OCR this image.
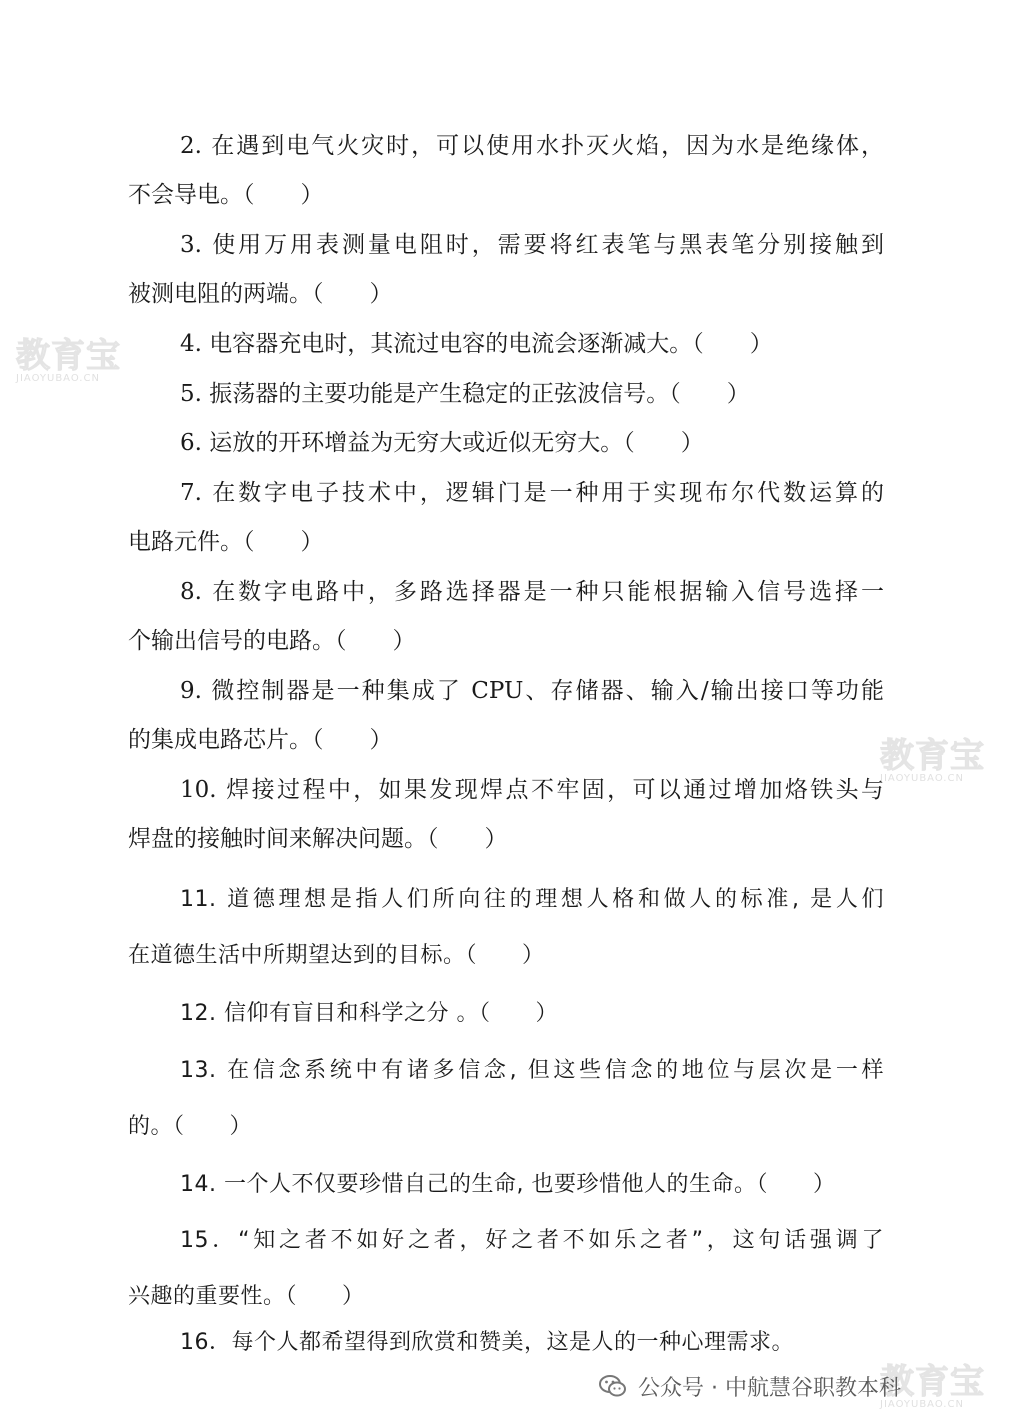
2. 在遇到电气火灾时，可以使用水扑灭火焰，因为水是绝缘体，
不会导电。（　　）
3. 使用万用表测量电阻时，需要将红表笔与黑表笔分别接触到
被测电阻的两端。（　　）
4. 电容器充电时，其流过电容的电流会逐渐减大。（　　）
5. 振荡器的主要功能是产生稳定的正弦波信号。（　　）
6. 运放的开环增益为无穷大或近似无穷大。（　　）
7. 在数字电子技术中，逻辑门是一种用于实现布尔代数运算的
电路元件。（　　）
8. 在数字电路中，多路选择器是一种只能根据输入信号选择一
个输出信号的电路。（　　）
9. 微控制器是一种集成了 CPU、存储器、输入/输出接口等功能
的集成电路芯片。（　　）
10. 焊接过程中，如果发现焊点不牢固，可以通过增加烙铁头与
焊盘的接触时间来解决问题。（　　）
11. 道德理想是指人们所向往的理想人格和做人的标准, 是人们
在道德生活中所期望达到的目标。（　　）
12. 信仰有盲目和科学之分 。（　　）
13. 在信念系统中有诸多信念, 但这些信念的地位与层次是一样
的。（　　）
14. 一个人不仅要珍惜自己的生命, 也要珍惜他人的生命。（　　）
15．“知之者不如好之者，好之者不如乐之者”，这句话强调了
兴趣的重要性。（　　）
16．每个人都希望得到欣赏和赞美，这是人的一种心理需求。
教育宝
JIAOYUBAO.CN
教育宝
JIAOYUBAO.CN
教育宝
JIAOYUBAO.CN
公众号 · 中航慧谷职教本科
